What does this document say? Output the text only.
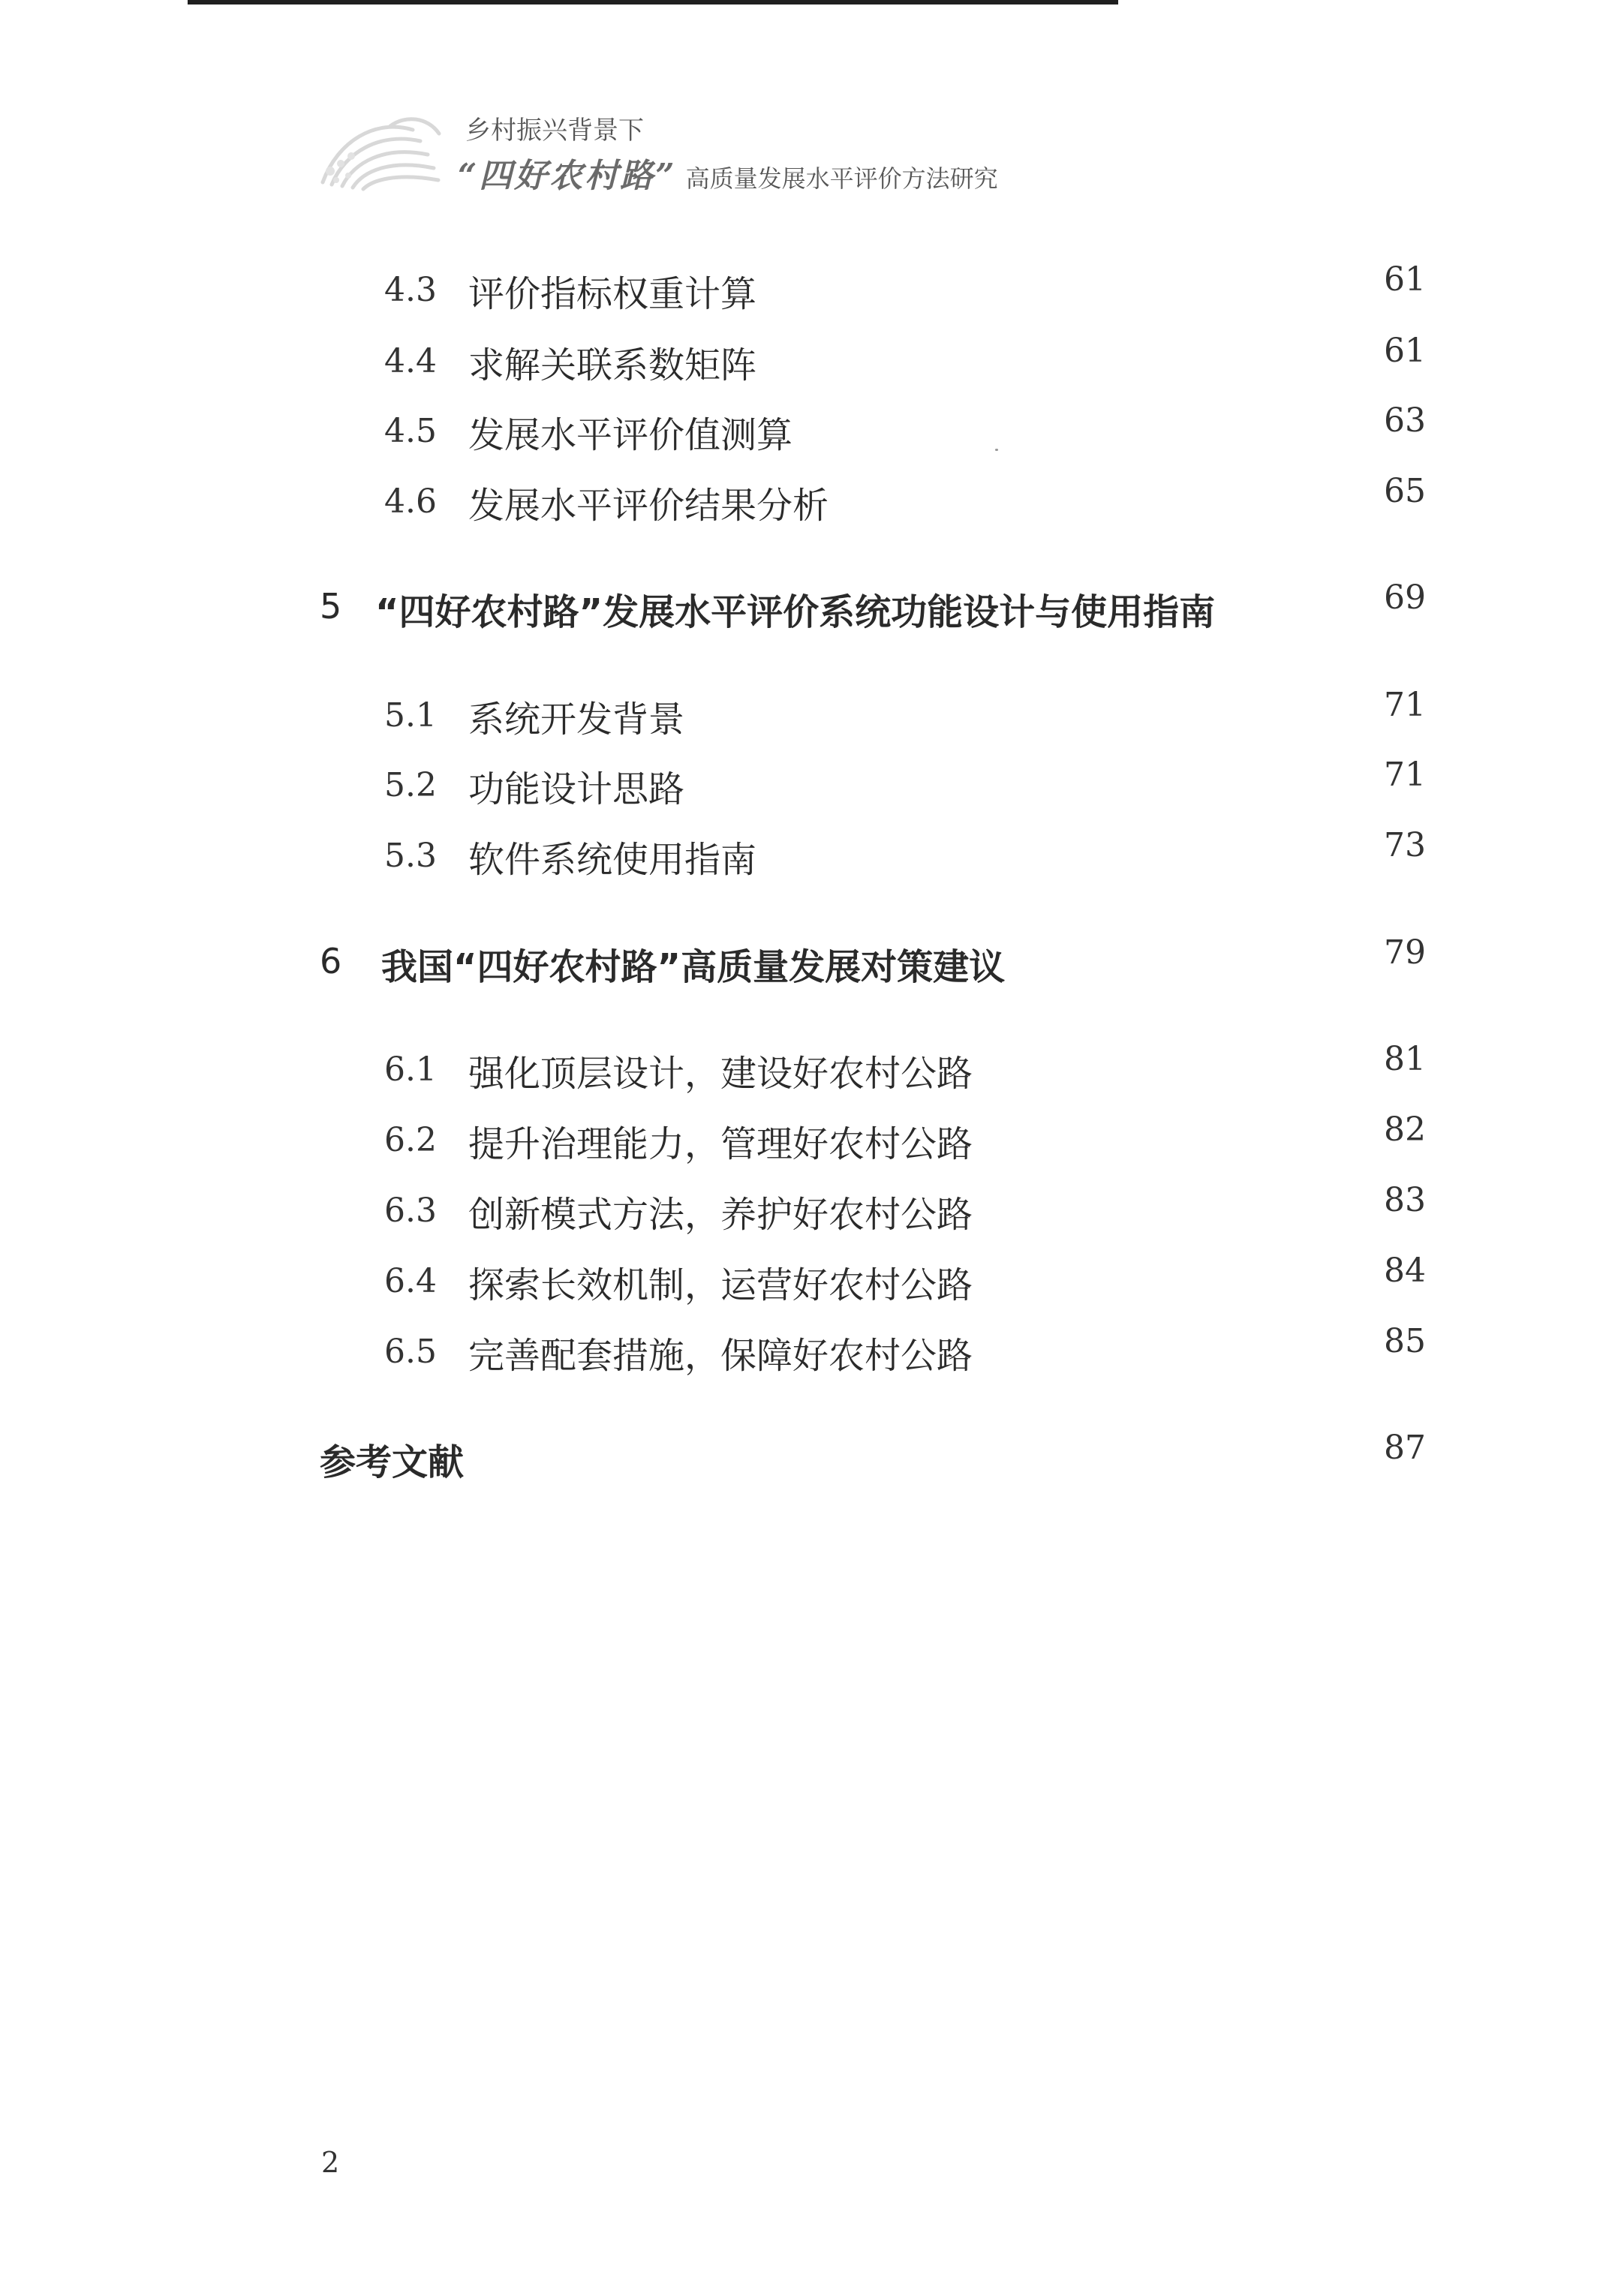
乡村振兴背景下
“四好农村路” 高质量发展水平评价方法研究
4.3 评价指标权重计算	61
4.4 求解关联系数矩阵	61
4.5 发展水平评价值测算	63
4.6 发展水平评价结果分析	65
5 “四好农村路”发展水平评价系统功能设计与使用指南	69
5.1 系统开发背景	71
5.2 功能设计思路	71
5.3 软件系统使用指南	73
6 我国“四好农村路”高质量发展对策建议	79
6.1 强化顶层设计，建设好农村公路	81
6.2 提升治理能力，管理好农村公路	82
6.3 创新模式方法，养护好农村公路	83
6.4 探索长效机制，运营好农村公路	84
6.5 完善配套措施，保障好农村公路	85
参考文献	87
2
